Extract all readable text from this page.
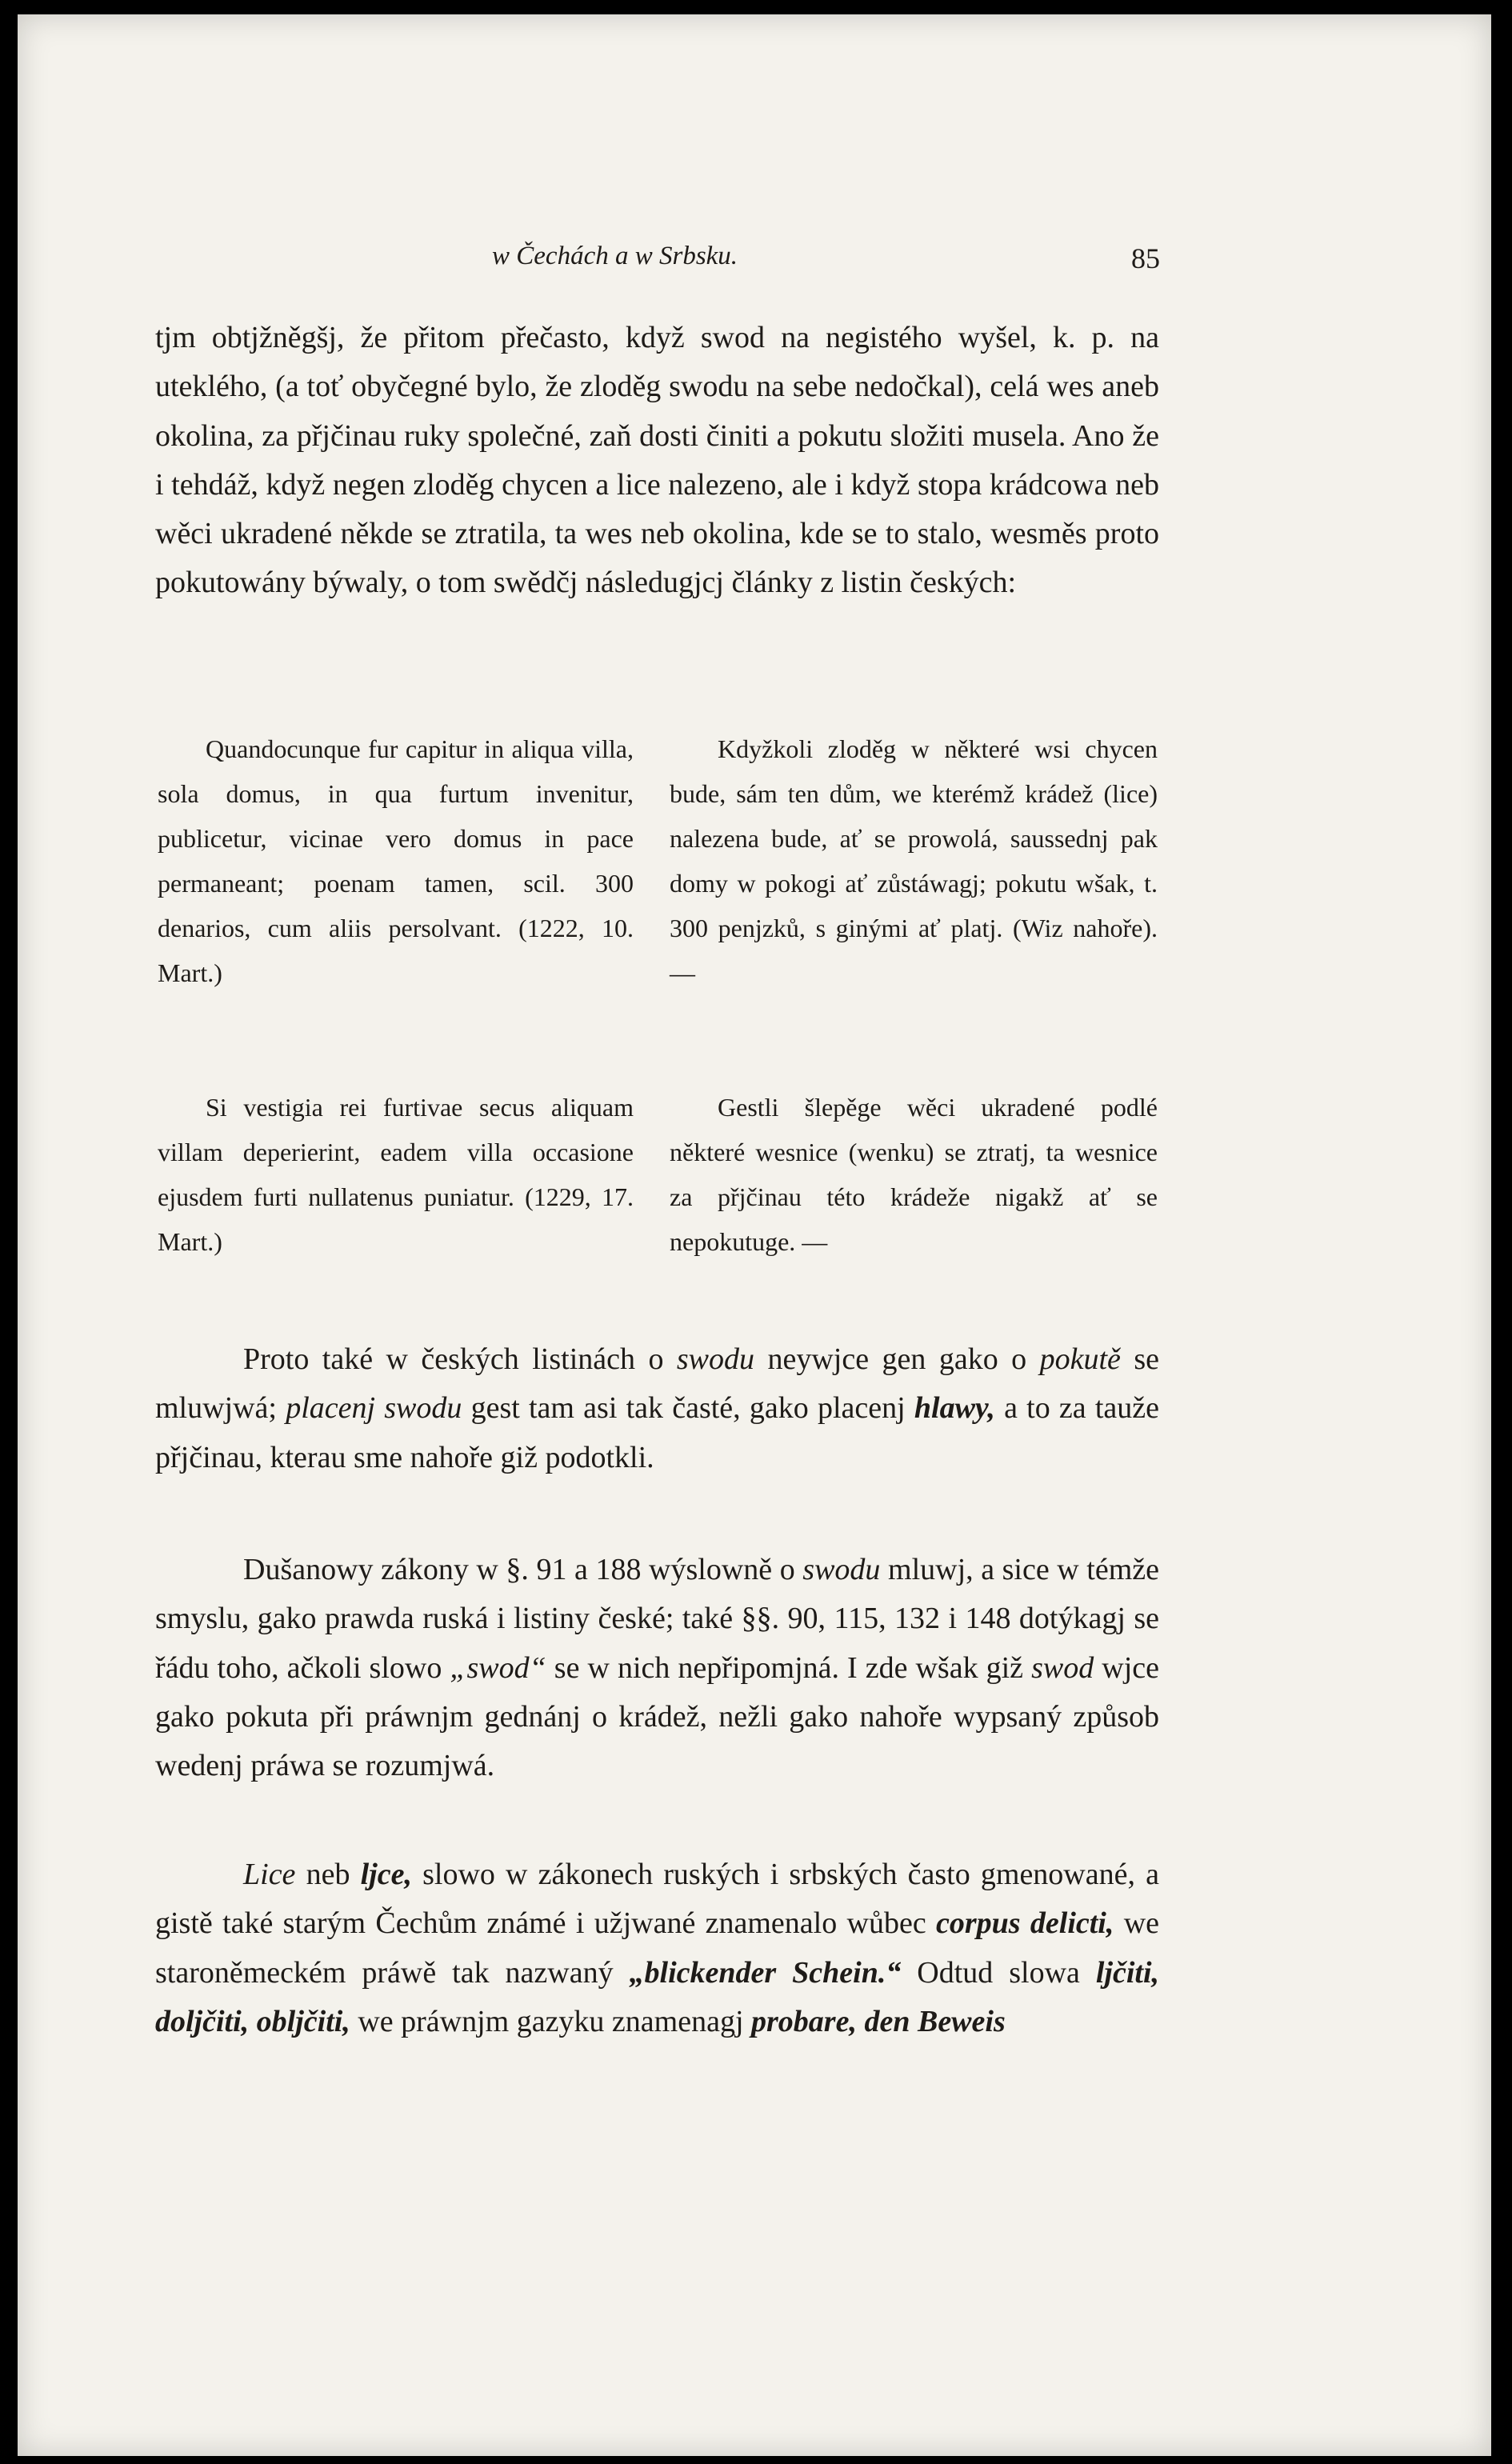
w Čechách a w Srbsku.	85

tjm obtjžněgšj, že přitom přečasto, když swod na negistého wyšel, k. p. na utekléһo, (a toť obyčegné bylo, že zloděg swodu na sebe nedočkal), celá wes aneb okolina, za přjčinau ruky společné, zaň dosti činiti a pokutu složiti musela. Ano že i tehdáž, když negen zloděg chycen a lice nalezeno, ale i když stopa krádcowa neb wěci ukradené někde se ztratila, ta wes neb okolina, kde se to stalo, wesměs proto pokutowány býwaly, o tom swědčj následugjcj články z listin českých:

Quandocunque fur capitur in aliqua villa, sola domus, in qua furtum invenitur, publicetur, vicinae vero domus in pace permaneant; poenam tamen, scil. 300 denarios, cum aliis persolvant. (1222, 10. Mart.)

Kdyžkoli zloděg w některé wsi chycen bude, sám ten dům, we kterémž krádež (lice) nalezena bude, ať se prowolá, saussednj pak domy w pokogi ať zůstáwagj; pokutu wšak, t. 300 penjzků, s ginými ať platj. (Wiz nahoře). —

Si vestigia rei furtivae secus aliquam villam deperierint, eadem villa occasione ejusdem furti nullatenus puniatur. (1229, 17. Mart.)

Gestli šlepěge wěci ukradené podlé některé wesnice (wenku) se ztratj, ta wesnice za přjčinau této krádeže nigakž ať se nepokutuge. —

Proto také w českých listinách o swodu neywjce gen gako o pokutě se mluwjwá; placenj swodu gest tam asi tak časté, gako placenj hlawy, a to za tauže přjčinau, kterau sme nahoře giž podotkli.

Dušanowy zákony w §. 91 a 188 wýslowně o swodu mluwj, a sice w témže smyslu, gako prawda ruská i listiny české; také §§. 90, 115, 132 i 148 dotýkagj se řádu toho, ačkoli slowo „swod“ se w nich nepřipomjná. I zde wšak giž swod wjce gako pokuta při práwnjm gednánj o krádež, nežli gako nahoře wypsaný způsob wedenj práwa se rozumjwá.

Lice neb ljce, slowo w zákonech ruských i srbských často gmenowané, a gistě také starým Čechům známé i užjwané znamenalo wůbec corpus delicti, we staroněmeckém práwě tak nazwaný „blickender Schein.“ Odtud slowa ljčiti, doljčiti, obljčiti, we práwnjm gazyku znamenagj probare, den Beweis
